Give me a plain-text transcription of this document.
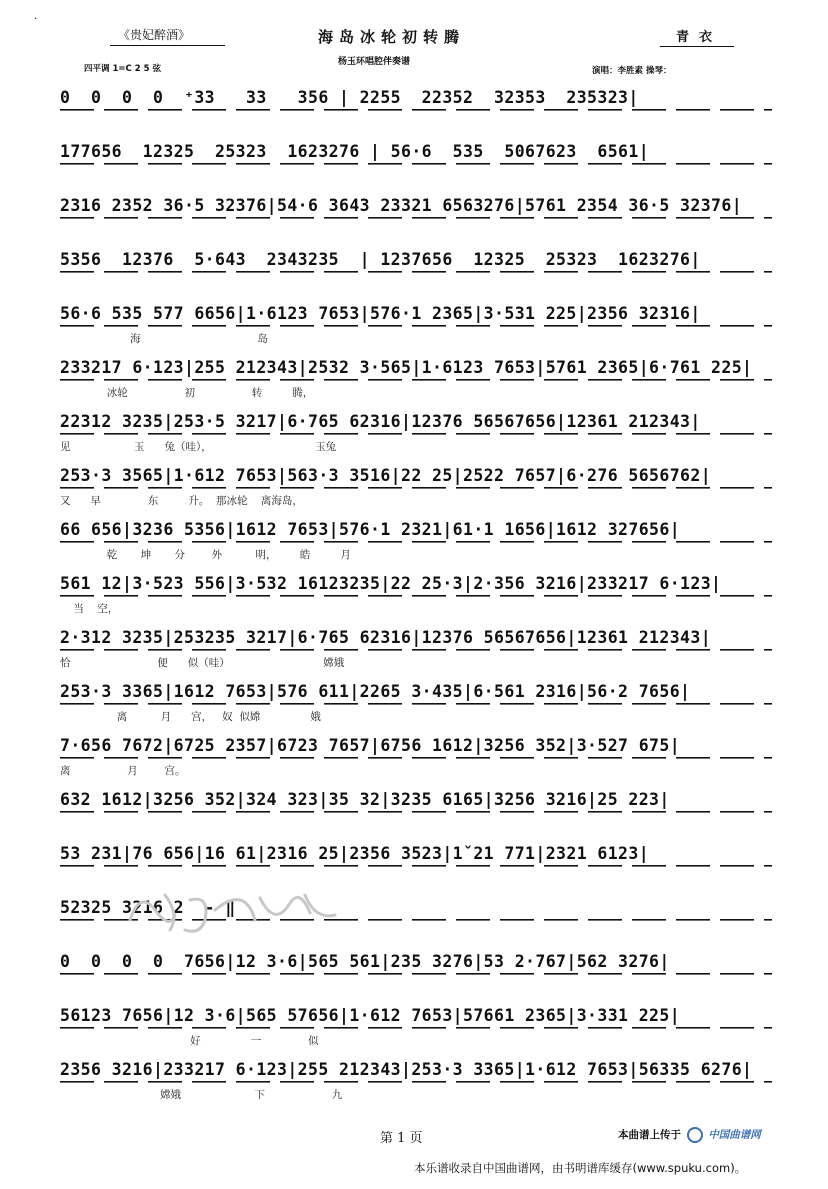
·
《贵妃醉酒》	海岛冰轮初转腾
杨玉环唱腔伴奏谱
青衣
四平调 1=C 2 5 弦	演唱：李胜素 操琴：
0  0  0  0  ⁺33   33   356 | 2255  22352  32353  235323|
177656  12325  25323  1623276 | 56·6  535  5067623  6561|
2316 2352 36·5 32376|54·6 3643 23321 6563276|5761 2354 36·5 32376|
5356  12376  5·643  2343235  | 1237656  12325  25323  1623276|
56·6 535 577 6656|1·6123 7653|576·1 2365|3·531 225|2356 32316|
海                                   岛
233217 6·123|255 212343|2532 3·565|1·6123 7653|5761 2365|6·761 225|
冰轮                 初                 转         腾，
22312 3235|253·5 3217|6·765 62316|12376 56567656|12361 212343|
见                   玉      兔（哇），                               玉兔
253·3 3565|1·612 7653|563·3 3516|22 25|2522 7657|6·276 5656762|
又      早              东         升。  那冰轮    离海岛，
66 656|3236 5356|1612 7653|576·1 2321|61·1 1656|1612 327656|
乾       坤       分        外          明，       皓         月
561 12|3·523 556|3·532 16123235|22 25·3|2·356 3216|233217 6·123|
当    空，
2·312 3235|253235 3217|6·765 62316|12376 56567656|12361 212343|
恰                          便      似（哇）                            嫦娥
253·3 3365|1612 7653|576 611|2265 3·435|6·561 2316|56·2 7656|
离          月      宫，   奴  似嫦               娥
7·656 7672|6725 2357|6723 7657|6756 1612|3256 352|3·527 675|
离                 月        宫。
632 1612|3256 352|324 323|35 32|3235 6165|3256 3216|25 223|
53 231|76 656|16 61|2316 25|2356 3523|1ˇ21 771|2321 6123|
52325 3216 2  - ‖
0  0  0  0  7656|12 3·6|565 561|235 3276|53 2·767|562 3276|
56123 7656|12 3·6|565 57656|1·612 7653|57661 2365|3·331 225|
好               一              似
2356 3216|233217 6·123|255 212343|253·3 3365|1·612 7653|56335 6276|
嫦娥                      下                    九
第 1 页	本曲谱上传于	中国曲谱网
本乐谱收录自中国曲谱网，由书明谱库缓存(www.spuku.com)。
